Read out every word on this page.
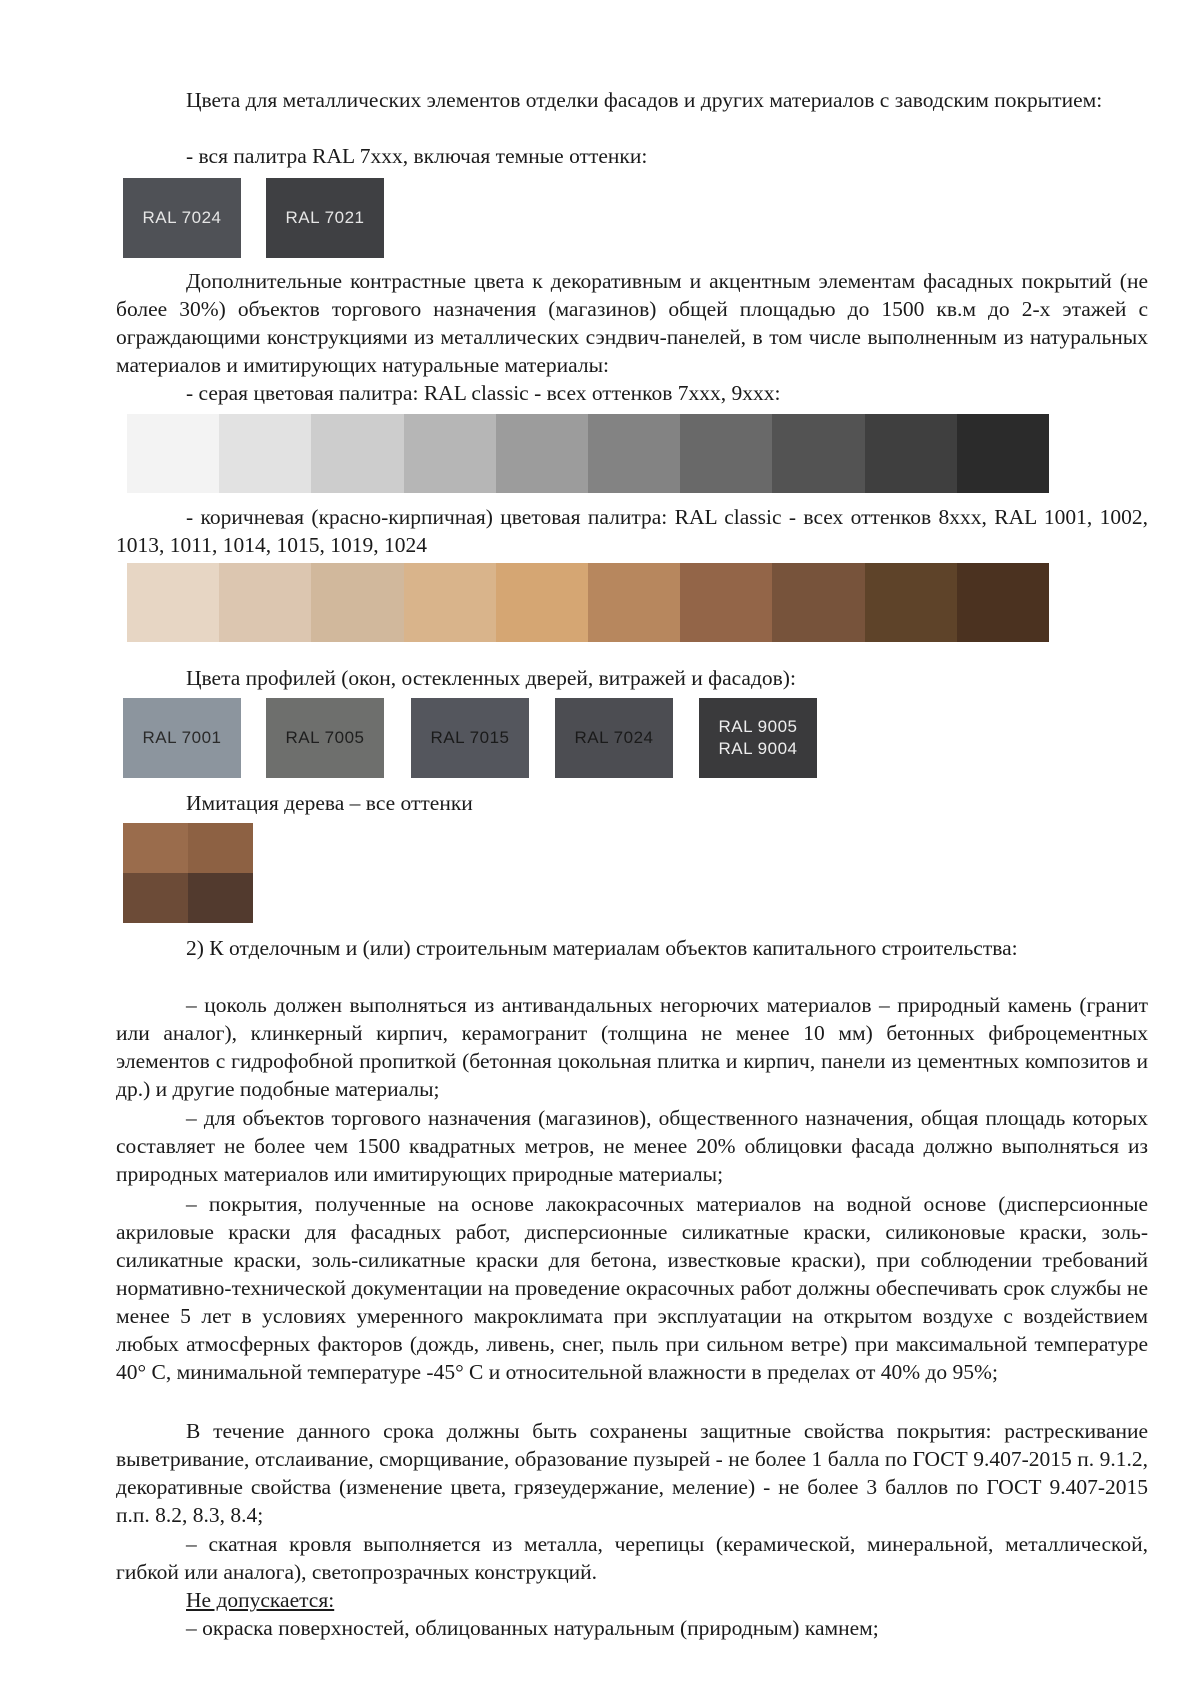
Цвета для металлических элементов отделки фасадов и других материалов с заводским покрытием:

- вся палитра RAL 7xxx, включая темные оттенки:

RAL 7024	RAL 7021

Дополнительные контрастные цвета к декоративным и акцентным элементам фасадных покрытий (не более 30%) объектов торгового назначения (магазинов) общей площадью до 1500 кв.м до 2-х этажей с ограждающими конструкциями из металлических сэндвич-панелей, в том числе выполненным из натуральных материалов и имитирующих натуральные материалы:

- серая цветовая палитра: RAL classic - всех оттенков 7xxx, 9xxx:

- коричневая (красно-кирпичная) цветовая палитра: RAL classic - всех оттенков 8xxx, RAL 1001, 1002, 1013, 1011, 1014, 1015, 1019, 1024

Цвета профилей (окон, остекленных дверей, витражей и фасадов):

RAL 7001	RAL 7005	RAL 7015	RAL 7024
RAL 9005
RAL 9004

Имитация дерева – все оттенки

2) К отделочным и (или) строительным материалам объектов капитального строительства:

– цоколь должен выполняться из антивандальных негорючих материалов – природный камень (гранит или аналог), клинкерный кирпич, керамогранит (толщина не менее 10 мм) бетонных фиброцементных элементов с гидрофобной пропиткой (бетонная цокольная плитка и кирпич, панели из цементных композитов и др.) и другие подобные материалы;

– для объектов торгового назначения (магазинов), общественного назначения, общая площадь которых составляет не более чем 1500 квадратных метров, не менее 20% облицовки фасада должно выполняться из природных материалов или имитирующих природные материалы;

– покрытия, полученные на основе лакокрасочных материалов на водной основе (дисперсионные акриловые краски для фасадных работ, дисперсионные силикатные краски, силиконовые краски, золь-силикатные краски, золь-силикатные краски для бетона, известковые краски), при соблюдении требований нормативно-технической документации на проведение окрасочных работ должны обеспечивать срок службы не менее 5 лет в условиях умеренного макроклимата при эксплуатации на открытом воздухе с воздействием любых атмосферных факторов (дождь, ливень, снег, пыль при сильном ветре) при максимальной температуре 40° С, минимальной температуре -45° С и относительной влажности в пределах от 40% до 95%;

В течение данного срока должны быть сохранены защитные свойства покрытия: растрескивание выветривание, отслаивание, сморщивание, образование пузырей - не более 1 балла по ГОСТ 9.407-2015 п. 9.1.2, декоративные свойства (изменение цвета, грязеудержание, меление) - не более 3 баллов по ГОСТ 9.407-2015 п.п. 8.2, 8.3, 8.4;

– скатная кровля выполняется из металла, черепицы (керамической, минеральной, металлической, гибкой или аналога), светопрозрачных конструкций.

Не допускается:

– окраска поверхностей, облицованных натуральным (природным) камнем;
